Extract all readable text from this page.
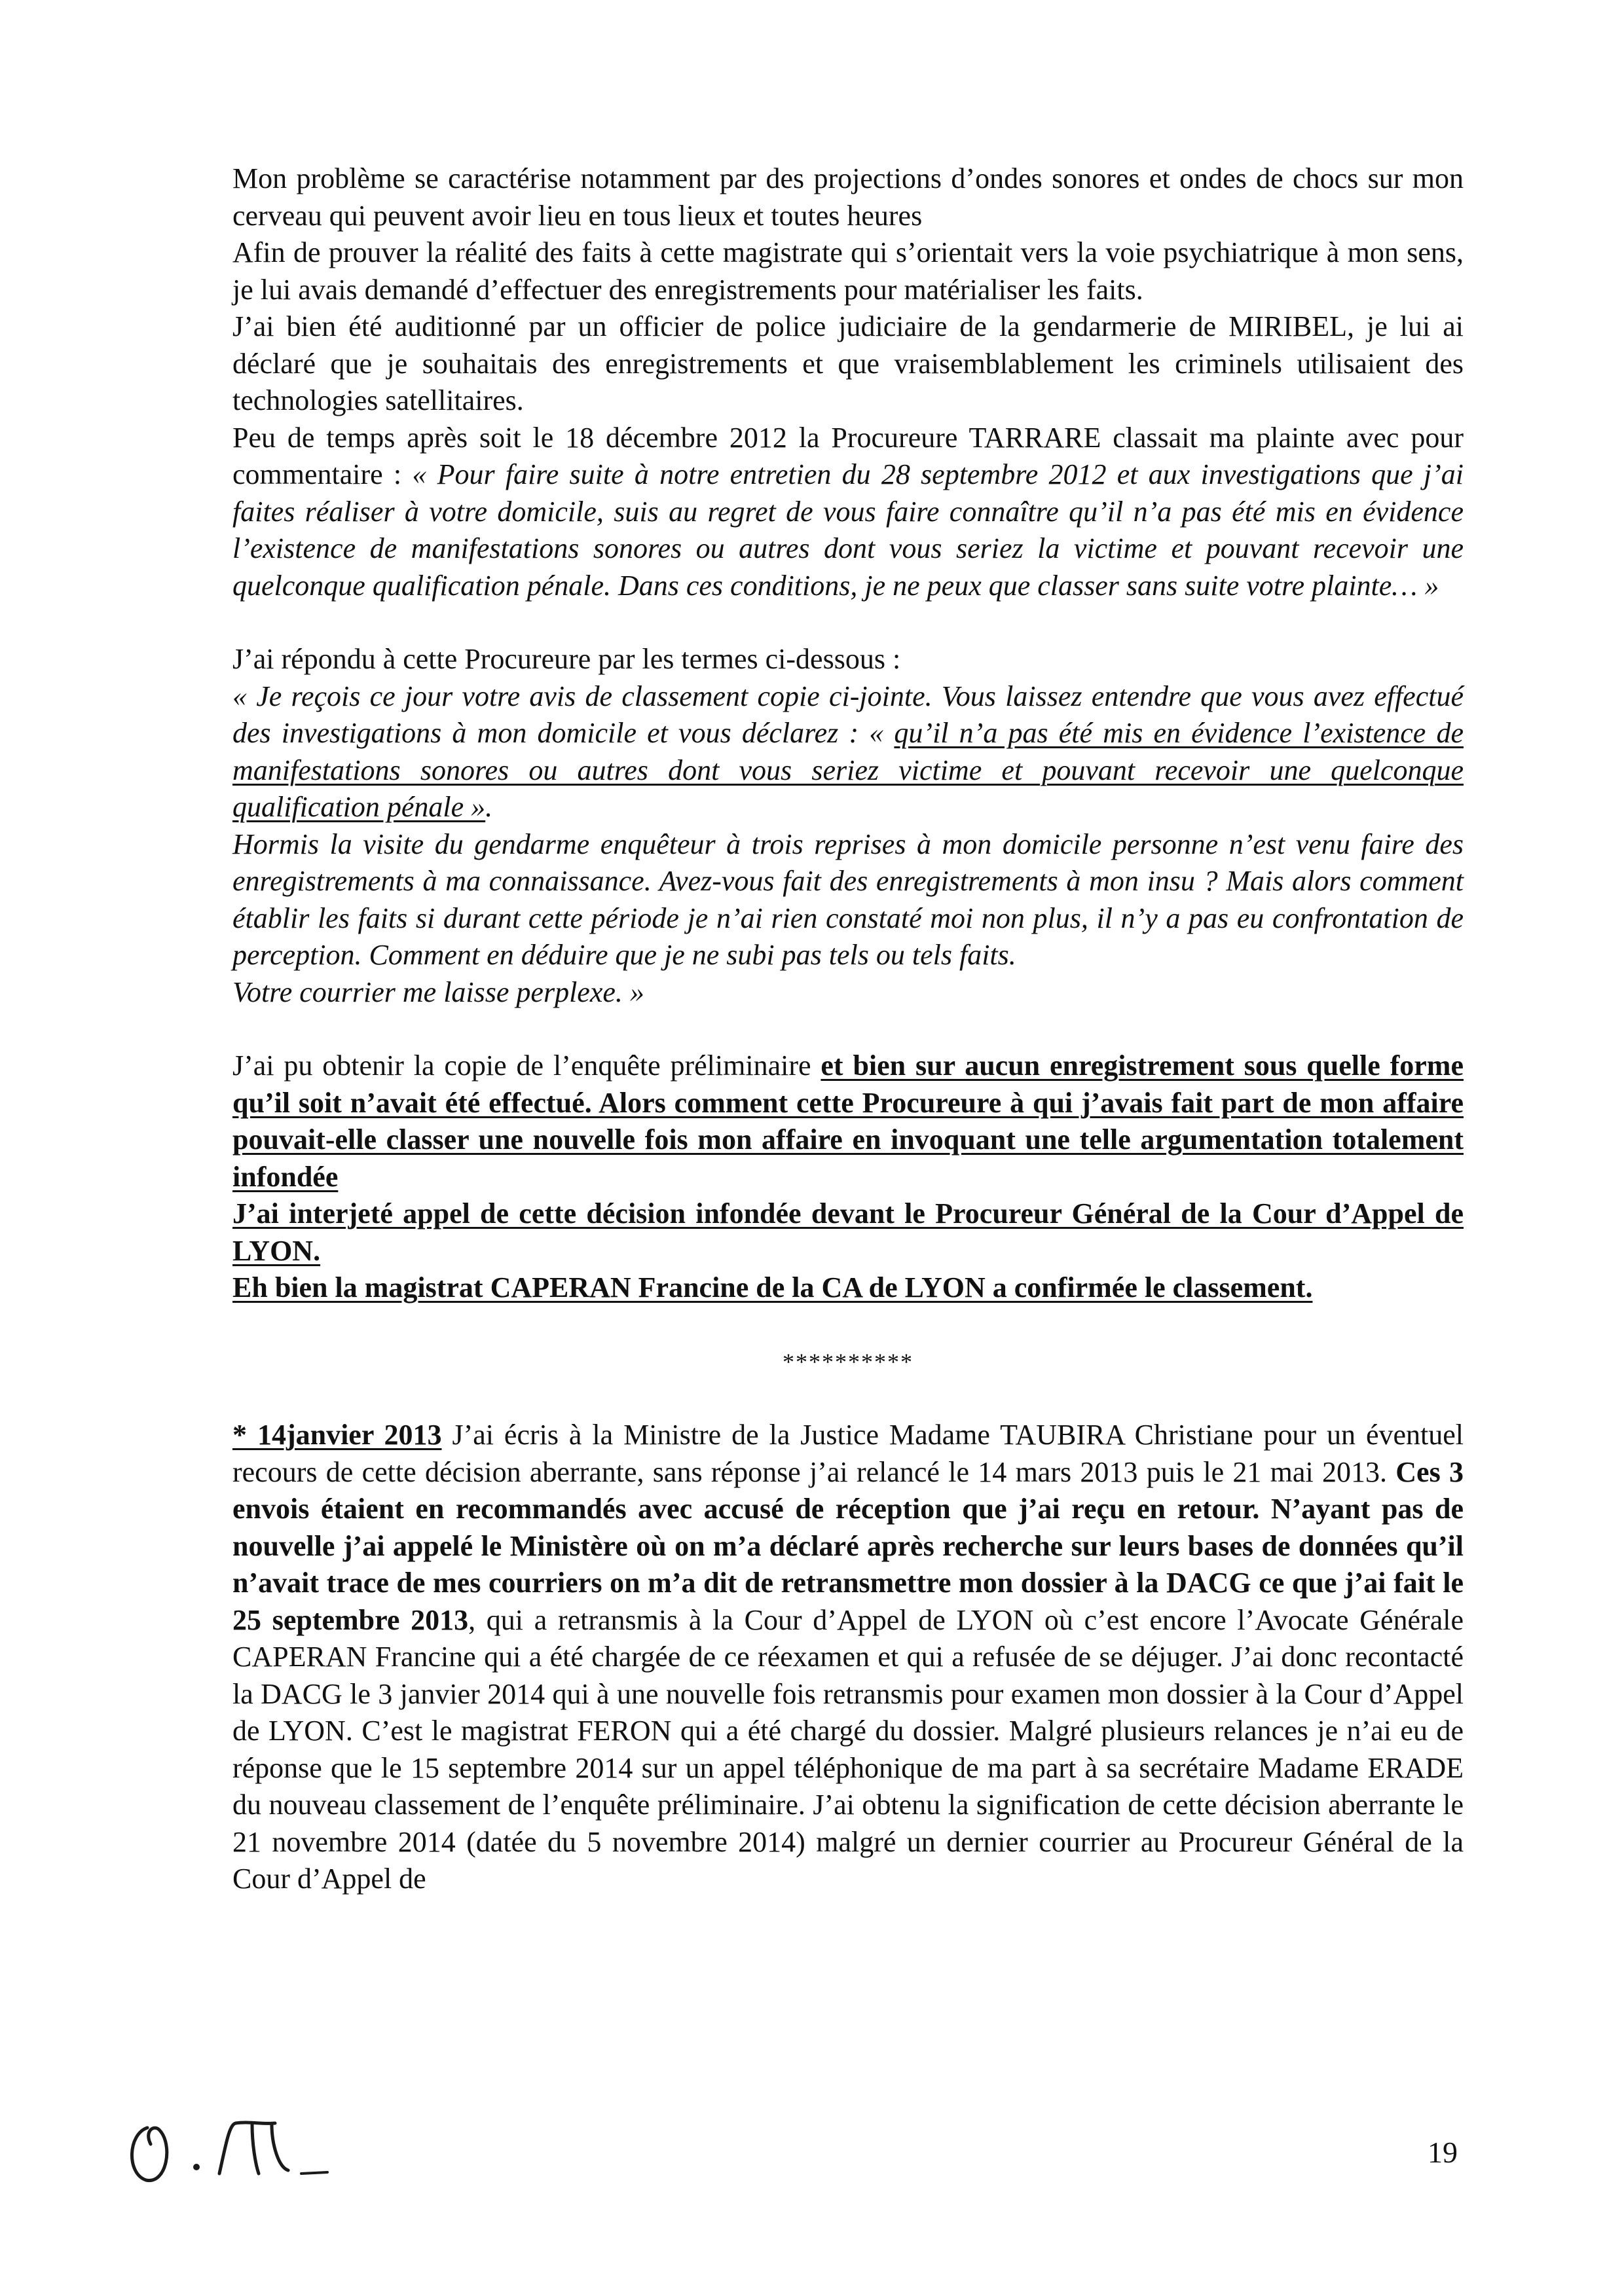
Mon problème se caractérise notamment par des projections d’ondes sonores et ondes de chocs sur mon cerveau qui peuvent avoir lieu en tous lieux et toutes heures

Afin de prouver la réalité des faits à cette magistrate qui s’orientait vers la voie psychiatrique à mon sens, je lui avais demandé d’effectuer des enregistrements pour matérialiser les faits.

J’ai bien été auditionné par un officier de police judiciaire de la gendarmerie de MIRIBEL, je lui ai déclaré que je souhaitais des enregistrements et que vraisemblablement les criminels utilisaient des technologies satellitaires.

Peu de temps après soit le 18 décembre 2012 la Procureure TARRARE classait ma plainte avec pour commentaire : « Pour faire suite à notre entretien du 28 septembre 2012 et aux investigations que j’ai faites réaliser à votre domicile, suis au regret de vous faire connaître qu’il n’a pas été mis en évidence l’existence de manifestations sonores ou autres dont vous seriez la victime et pouvant recevoir une quelconque qualification pénale. Dans ces conditions, je ne peux que classer sans suite votre plainte… »

J’ai répondu à cette Procureure par les termes ci-dessous :

« Je reçois ce jour votre avis de classement copie ci-jointe. Vous laissez entendre que vous avez effectué des investigations à mon domicile et vous déclarez : « qu’il n’a pas été mis en évidence l’existence de manifestations sonores ou autres dont vous seriez victime et pouvant recevoir une quelconque qualification pénale ».

Hormis la visite du gendarme enquêteur à trois reprises à mon domicile personne n’est venu faire des enregistrements à ma connaissance. Avez-vous fait des enregistrements à mon insu ? Mais alors comment établir les faits si durant cette période je n’ai rien constaté moi non plus, il n’y a pas eu confrontation de perception. Comment en déduire que je ne subi pas tels ou tels faits.

Votre courrier me laisse perplexe. »

J’ai pu obtenir la copie de l’enquête préliminaire et bien sur aucun enregistrement sous quelle forme qu’il soit n’avait été effectué. Alors comment cette Procureure à qui j’avais fait part de mon affaire pouvait-elle classer une nouvelle fois mon affaire en invoquant une telle argumentation totalement infondée

J’ai interjeté appel de cette décision infondée devant le Procureur Général de la Cour d’Appel de LYON.

Eh bien la magistrat CAPERAN Francine de la CA de LYON a confirmée le classement.

**********

* 14janvier 2013 J’ai écris à la Ministre de la Justice Madame TAUBIRA Christiane pour un éventuel recours de cette décision aberrante, sans réponse j’ai relancé le 14 mars 2013 puis le 21 mai 2013. Ces 3 envois étaient en recommandés avec accusé de réception que j’ai reçu en retour. N’ayant pas de nouvelle j’ai appelé le Ministère où on m’a déclaré après recherche sur leurs bases de données qu’il n’avait trace de mes courriers on m’a dit de retransmettre mon dossier à la DACG ce que j’ai fait le 25 septembre 2013, qui a retransmis à la Cour d’Appel de LYON où c’est encore l’Avocate Générale CAPERAN Francine qui a été chargée de ce réexamen et qui a refusée de se déjuger. J’ai donc recontacté la DACG le 3 janvier 2014 qui à une nouvelle fois retransmis pour examen mon dossier à la Cour d’Appel de LYON. C’est le magistrat FERON qui a été chargé du dossier. Malgré plusieurs relances je n’ai eu de réponse que le 15 septembre 2014 sur un appel téléphonique de ma part à sa secrétaire Madame ERADE du nouveau classement de l’enquête préliminaire. J’ai obtenu la signification de cette décision aberrante le 21 novembre 2014 (datée du 5 novembre 2014) malgré un dernier courrier au Procureur Général de la Cour d’Appel de

19
